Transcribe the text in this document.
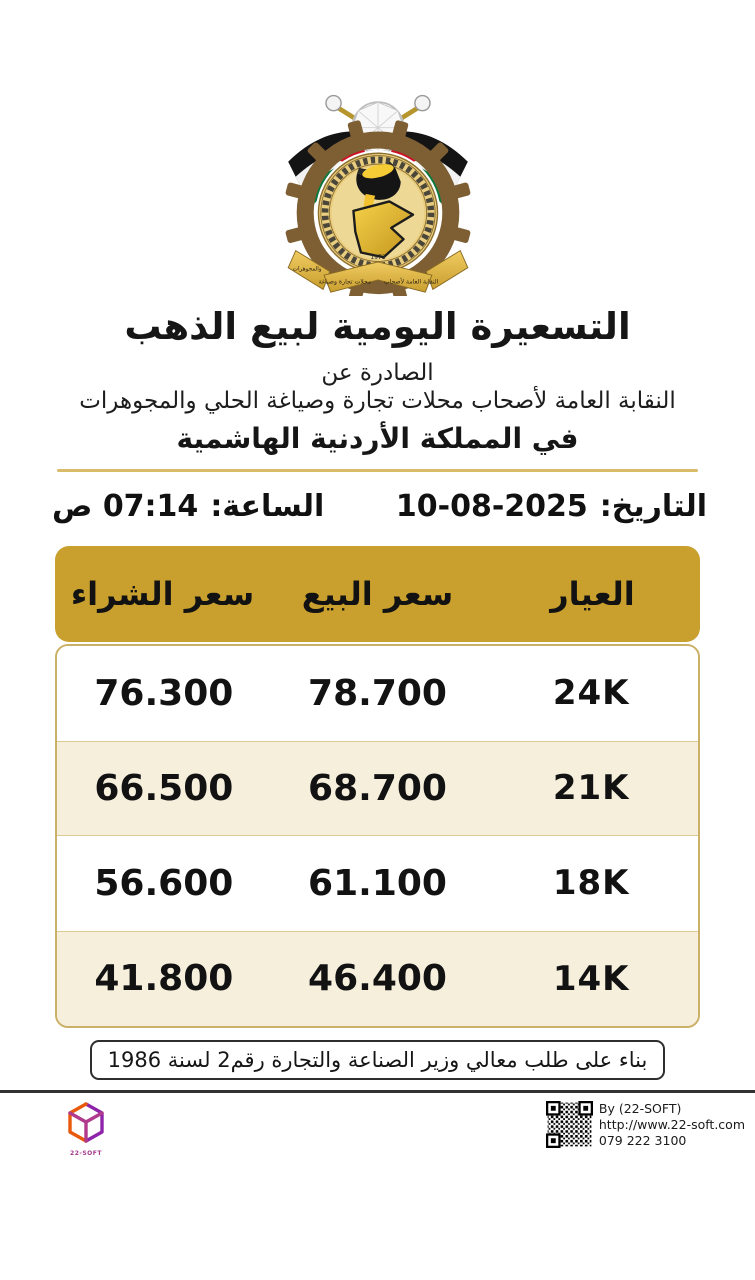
النقابة العامة لأصحاب
محلات تجارة وصياغة
والمجوهرات
1972
التسعيرة اليومية لبيع الذهب
الصادرة عن
النقابة العامة لأصحاب محلات تجارة وصياغة الحلي والمجوهرات
في المملكة الأردنية الهاشمية
التاريخ:
10-08-2025
الساعة:
07:14 ص
العيار
سعر البيع
سعر الشراء
24K
78.700
76.300
21K
68.700
66.500
18K
61.100
56.600
14K
46.400
41.800
بناء على طلب معالي وزير الصناعة والتجارة رقم2 لسنة 1986
22-SOFT
By (22-SOFT)
http://www.22-soft.com
079 222 3100
